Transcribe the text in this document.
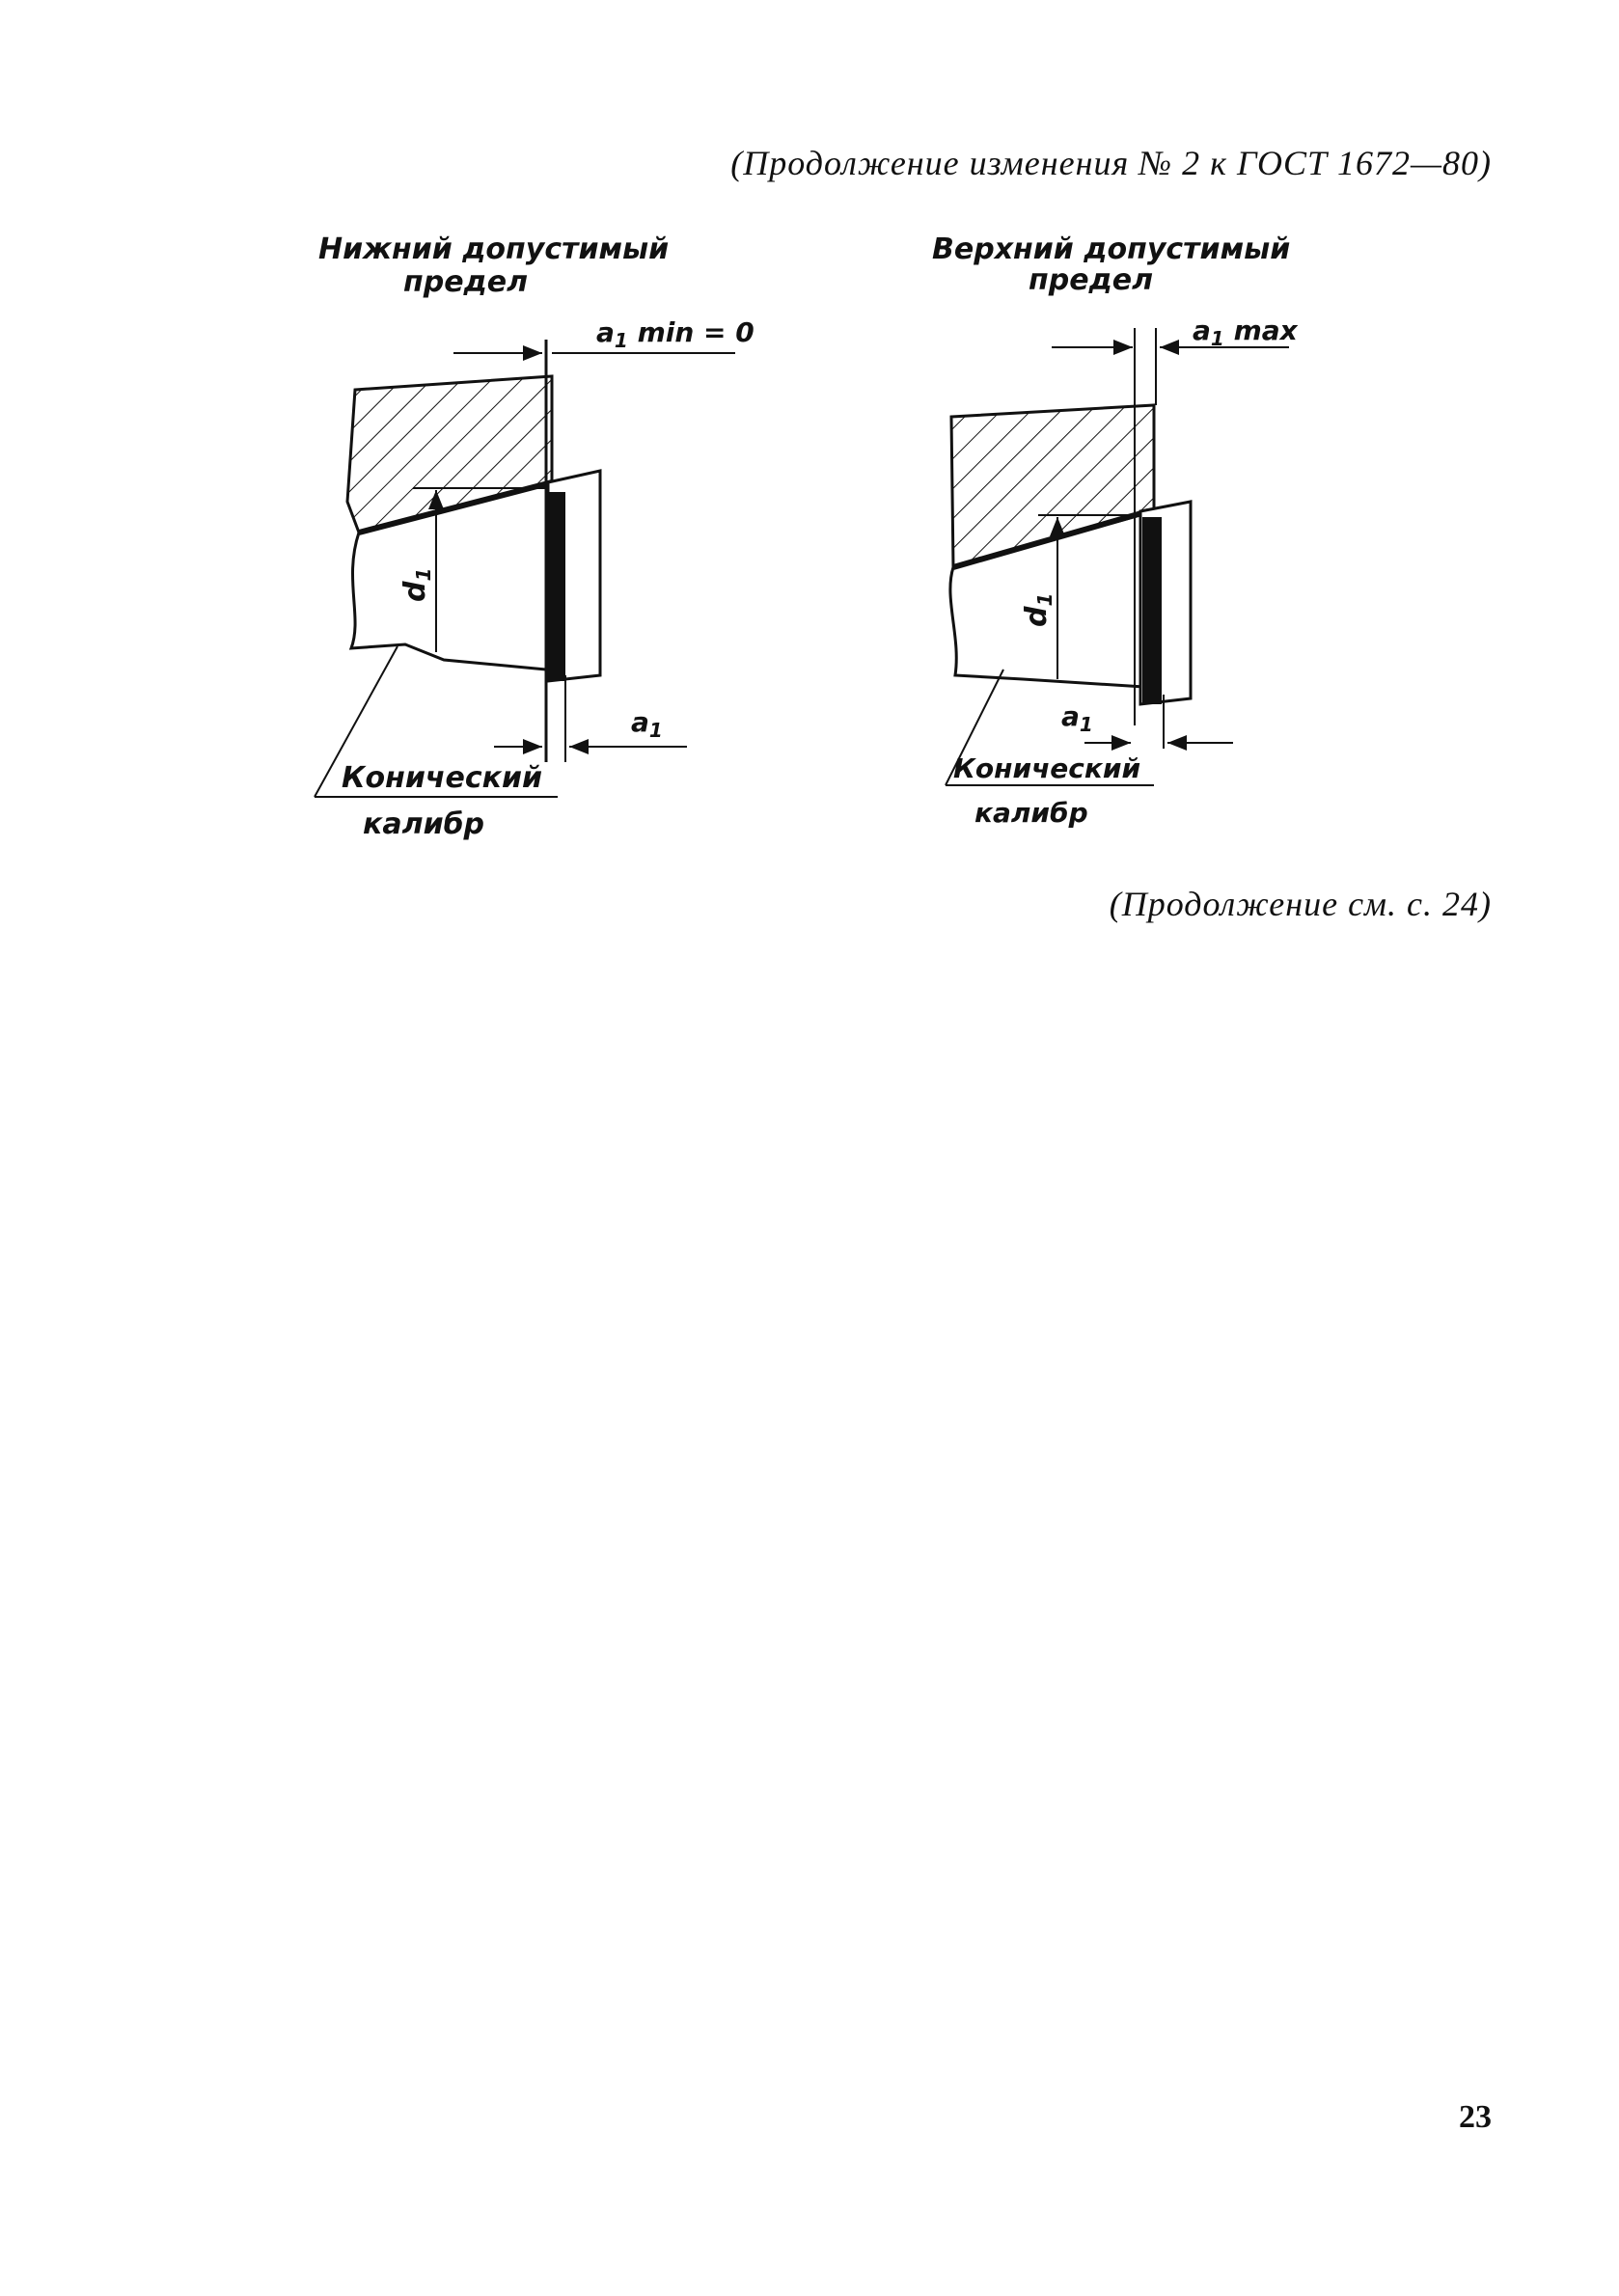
(Продолжение изменения № 2 к ГОСТ 1672—80)
Нижний допустимый
предел
$a_1$ min = 0
$d_1$
$a_1$
Конический
калибр
Верхний допустимый
предел
$a_1$ max
$d_1$
$a_1$
Конический
калибр
(Продолжение см. с. 24)
23
